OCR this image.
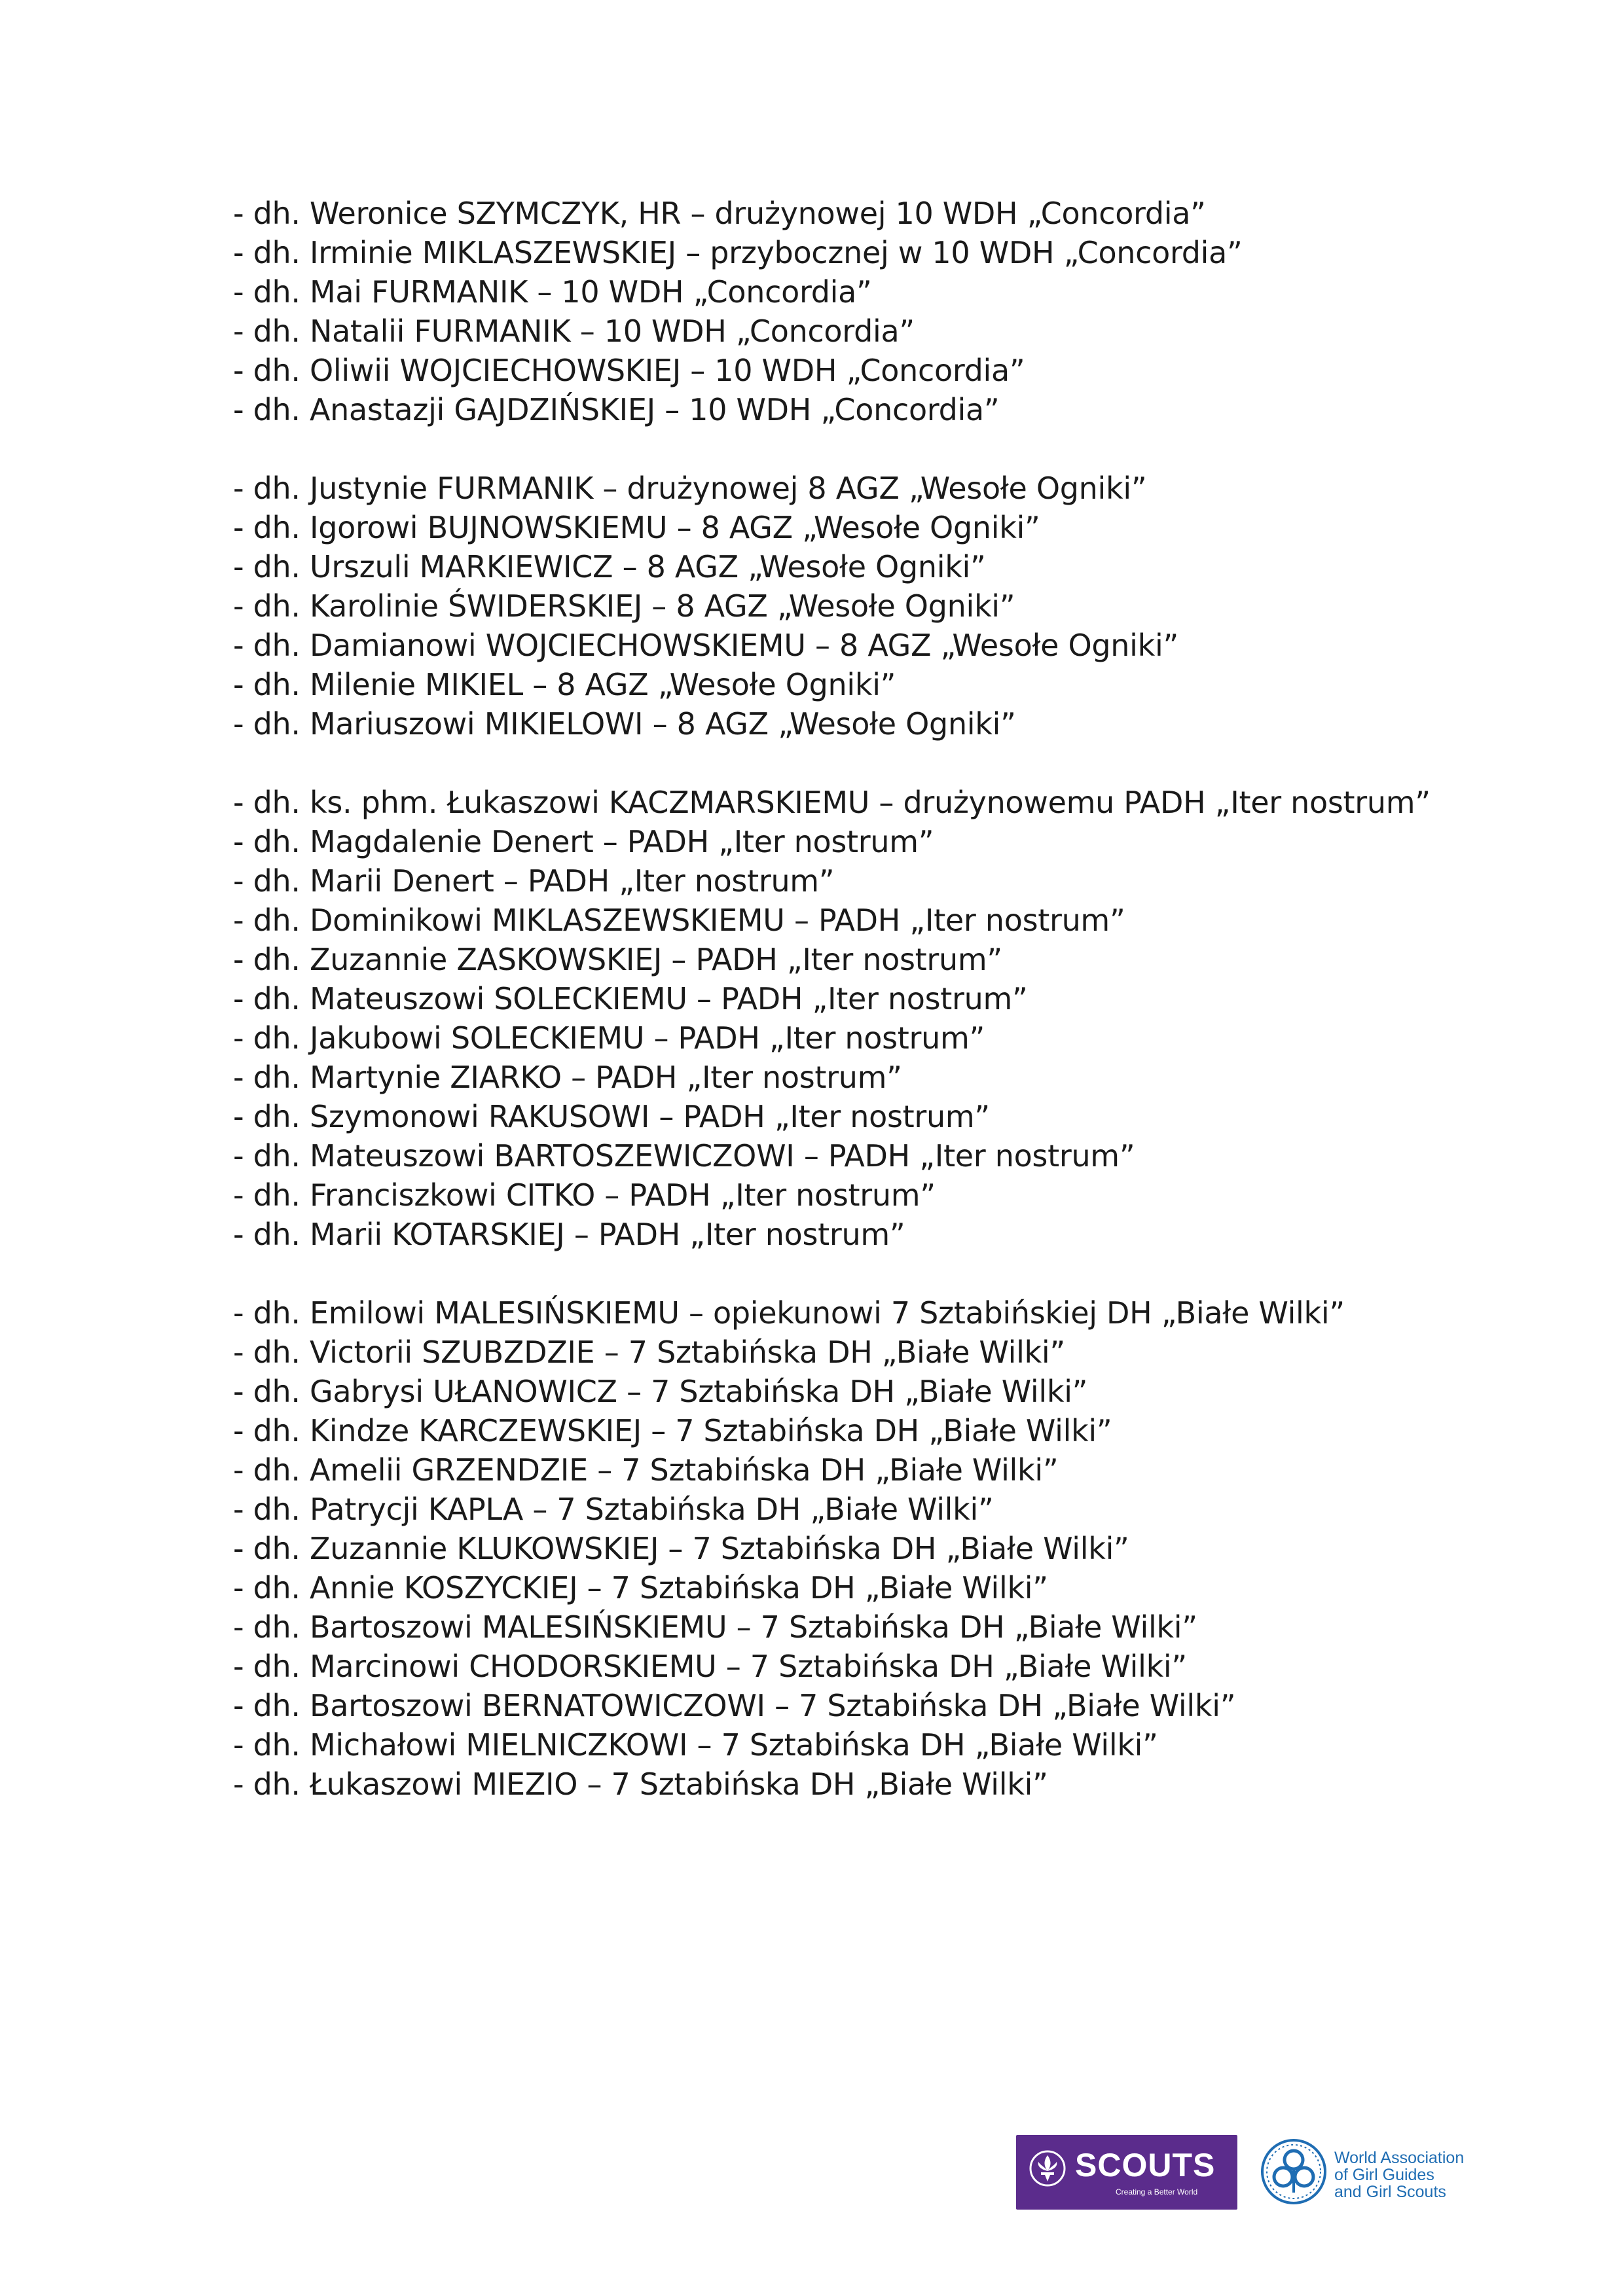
- dh. Weronice SZYMCZYK, HR – drużynowej 10 WDH „Concordia”
- dh. Irminie MIKLASZEWSKIEJ – przybocznej w 10 WDH „Concordia”
- dh. Mai FURMANIK – 10 WDH „Concordia”
- dh. Natalii FURMANIK – 10 WDH „Concordia”
- dh. Oliwii WOJCIECHOWSKIEJ – 10 WDH „Concordia”
- dh. Anastazji GAJDZIŃSKIEJ – 10 WDH „Concordia”
- dh. Justynie FURMANIK – drużynowej 8 AGZ „Wesołe Ogniki”
- dh. Igorowi BUJNOWSKIEMU – 8 AGZ „Wesołe Ogniki”
- dh. Urszuli MARKIEWICZ – 8 AGZ „Wesołe Ogniki”
- dh. Karolinie ŚWIDERSKIEJ – 8 AGZ „Wesołe Ogniki”
- dh. Damianowi WOJCIECHOWSKIEMU – 8 AGZ „Wesołe Ogniki”
- dh. Milenie MIKIEL – 8 AGZ „Wesołe Ogniki”
- dh. Mariuszowi MIKIELOWI – 8 AGZ „Wesołe Ogniki”
- dh. ks. phm. Łukaszowi KACZMARSKIEMU – drużynowemu PADH „Iter nostrum”
- dh. Magdalenie Denert – PADH „Iter nostrum”
- dh. Marii Denert – PADH „Iter nostrum”
- dh. Dominikowi MIKLASZEWSKIEMU – PADH „Iter nostrum”
- dh. Zuzannie ZASKOWSKIEJ – PADH „Iter nostrum”
- dh. Mateuszowi SOLECKIEMU – PADH „Iter nostrum”
- dh. Jakubowi SOLECKIEMU – PADH „Iter nostrum”
- dh. Martynie ZIARKO – PADH „Iter nostrum”
- dh. Szymonowi RAKUSOWI – PADH „Iter nostrum”
- dh. Mateuszowi BARTOSZEWICZOWI – PADH „Iter nostrum”
- dh. Franciszkowi CITKO – PADH „Iter nostrum”
- dh. Marii KOTARSKIEJ – PADH „Iter nostrum”
- dh. Emilowi MALESIŃSKIEMU – opiekunowi 7 Sztabińskiej DH „Białe Wilki”
- dh. Victorii SZUBZDZIE – 7 Sztabińska DH „Białe Wilki”
- dh. Gabrysi UŁANOWICZ – 7 Sztabińska DH „Białe Wilki”
- dh. Kindze KARCZEWSKIEJ – 7 Sztabińska DH „Białe Wilki”
- dh. Amelii GRZENDZIE – 7 Sztabińska DH „Białe Wilki”
- dh. Patrycji KAPLA – 7 Sztabińska DH „Białe Wilki”
- dh. Zuzannie KLUKOWSKIEJ – 7 Sztabińska DH „Białe Wilki”
- dh. Annie KOSZYCKIEJ – 7 Sztabińska DH „Białe Wilki”
- dh. Bartoszowi MALESIŃSKIEMU – 7 Sztabińska DH „Białe Wilki”
- dh. Marcinowi CHODORSKIEMU – 7 Sztabińska DH „Białe Wilki”
- dh. Bartoszowi BERNATOWICZOWI – 7 Sztabińska DH „Białe Wilki”
- dh. Michałowi MIELNICZKOWI – 7 Sztabińska DH „Białe Wilki”
- dh. Łukaszowi MIEZIO – 7 Sztabińska DH „Białe Wilki”
SCOUTS
Creating a Better World
World Association
of Girl Guides
and Girl Scouts
